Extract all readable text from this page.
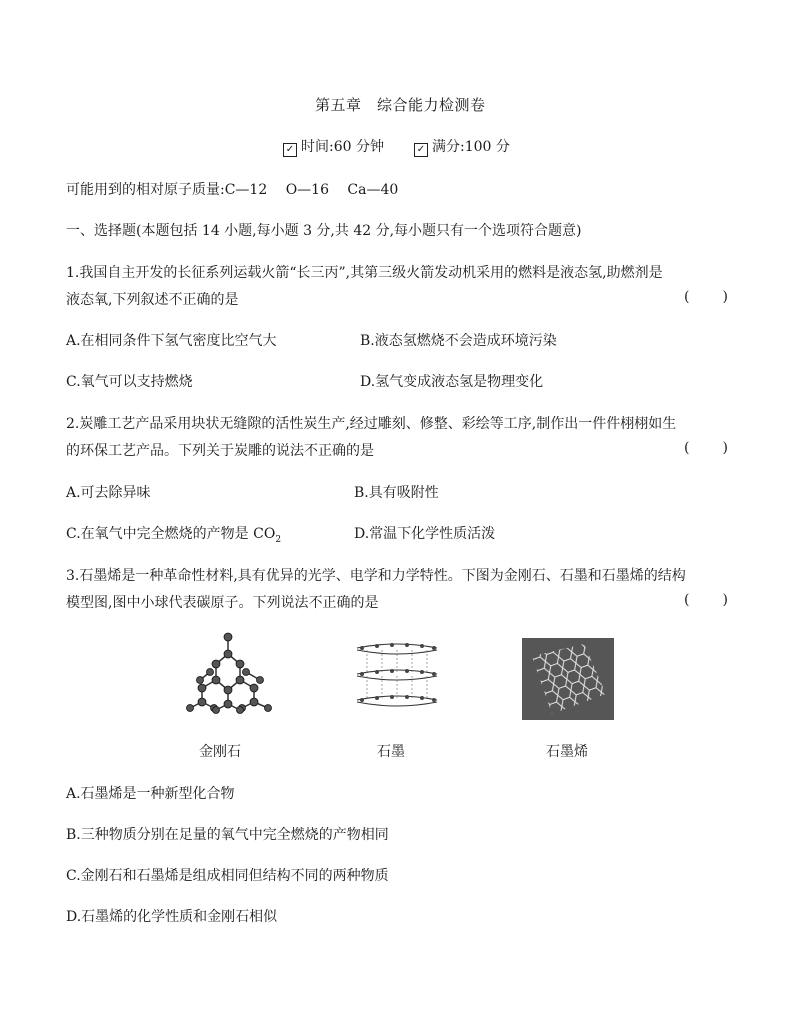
第五章　综合能力检测卷
✓ 时间:60 分钟	✓ 满分:100 分
可能用到的相对原子质量:C—12　 O—16　 Ca—40
一、选择题(本题包括 14 小题,每小题 3 分,共 42 分,每小题只有一个选项符合题意)
1.我国自主开发的长征系列运载火箭“长三丙”,其第三级火箭发动机采用的燃料是液态氢,助燃剂是
液态氧,下列叙述不正确的是	( )
A.在相同条件下氢气密度比空气大	B.液态氢燃烧不会造成环境污染
C.氧气可以支持燃烧	D.氢气变成液态氢是物理变化
2.炭雕工艺产品采用块状无缝隙的活性炭生产,经过雕刻、修整、彩绘等工序,制作出一件件栩栩如生
的环保工艺产品。下列关于炭雕的说法不正确的是	( )
A.可去除异味	B.具有吸附性
C.在氧气中完全燃烧的产物是 $CO_2$	D.常温下化学性质活泼
3.石墨烯是一种革命性材料,具有优异的光学、电学和力学特性。下图为金刚石、石墨和石墨烯的结构
模型图,图中小球代表碳原子。下列说法不正确的是	( )
金刚石	石墨	石墨烯
A.石墨烯是一种新型化合物
B.三种物质分别在足量的氧气中完全燃烧的产物相同
C.金刚石和石墨烯是组成相同但结构不同的两种物质
D.石墨烯的化学性质和金刚石相似
